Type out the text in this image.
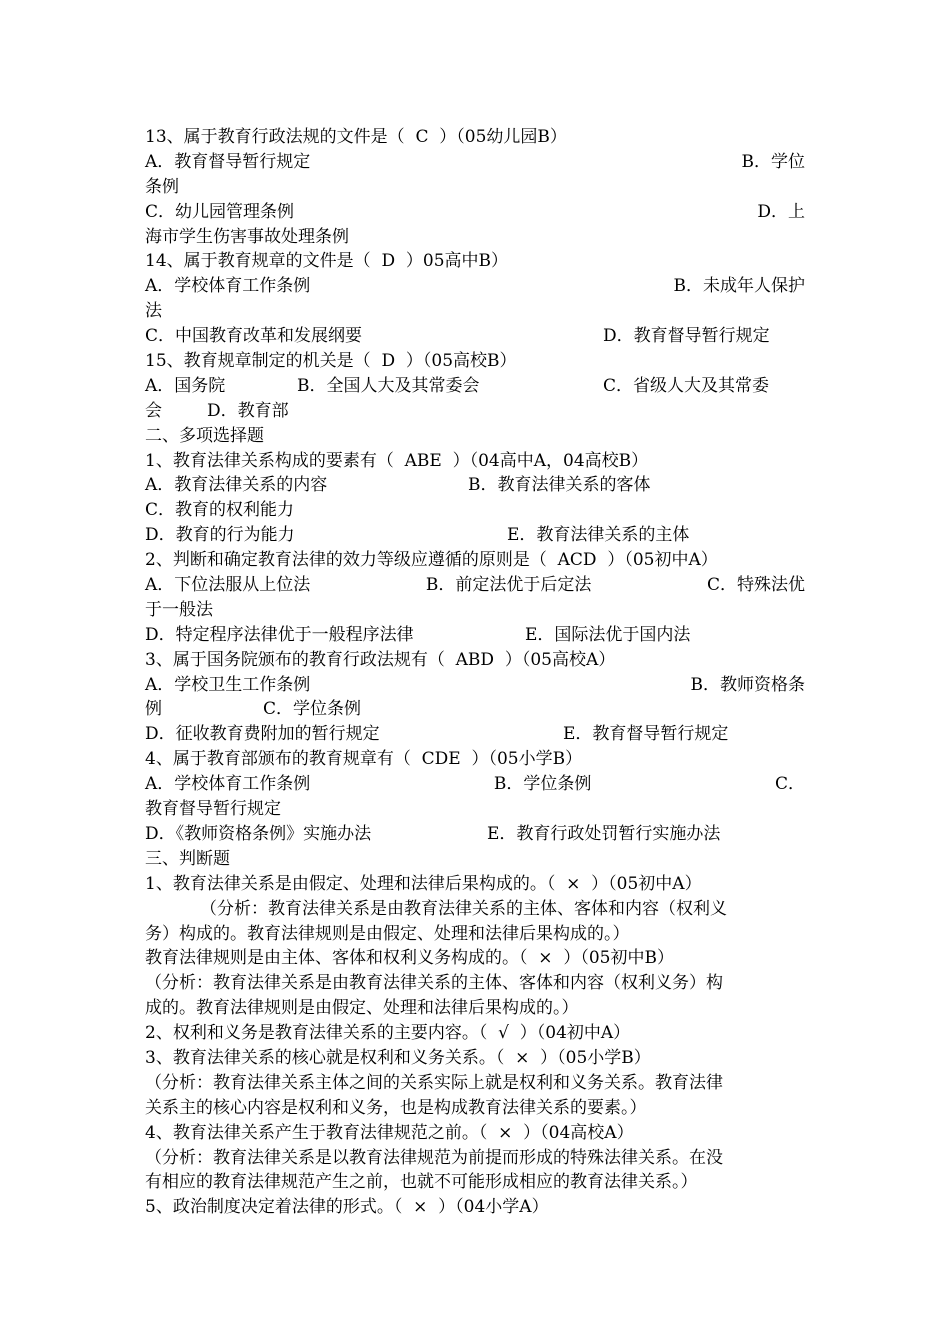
13、属于教育行政法规的文件是（  C  ）（05幼儿园B）
A．教育督导暂行规定	B．学位
条例
C．幼儿园管理条例	D．上
海市学生伤害事故处理条例
14、属于教育规章的文件是（  D  ）05高中B）
A．学校体育工作条例	B．未成年人保护
法
C．中国教育改革和发展纲要	D．教育督导暂行规定
15、教育规章制定的机关是（  D  ）（05高校B）
A．国务院	B．全国人大及其常委会	C．省级人大及其常委
会	D．教育部
二、多项选择题
1、教育法律关系构成的要素有（  ABE  ）（04高中A，04高校B）
A．教育法律关系的内容	B．教育法律关系的客体
C．教育的权利能力
D．教育的行为能力	E．教育法律关系的主体
2、判断和确定教育法律的效力等级应遵循的原则是（  ACD  ）（05初中A）
A．下位法服从上位法	B．前定法优于后定法	C．特殊法优
于一般法
D．特定程序法律优于一般程序法律	E．国际法优于国内法
3、属于国务院颁布的教育行政法规有（  ABD  ）（05高校A）
A．学校卫生工作条例	B．教师资格条
例	C．学位条例
D．征收教育费附加的暂行规定	E．教育督导暂行规定
4、属于教育部颁布的教育规章有（  CDE  ）（05小学B）
A．学校体育工作条例	B．学位条例	C．
教育督导暂行规定
D．《教师资格条例》实施办法	E．教育行政处罚暂行实施办法
三、判断题
1、教育法律关系是由假定、处理和法律后果构成的。（  ×  ）（05初中A）
（分析：教育法律关系是由教育法律关系的主体、客体和内容（权利义
务）构成的。教育法律规则是由假定、处理和法律后果构成的。）
教育法律规则是由主体、客体和权利义务构成的。（  ×  ）（05初中B）
（分析：教育法律关系是由教育法律关系的主体、客体和内容（权利义务）构
成的。教育法律规则是由假定、处理和法律后果构成的。）
2、权利和义务是教育法律关系的主要内容。（  √  ）（04初中A）
3、教育法律关系的核心就是权利和义务关系。（  ×  ）（05小学B）
（分析：教育法律关系主体之间的关系实际上就是权利和义务关系。教育法律
关系主的核心内容是权利和义务，也是构成教育法律关系的要素。）
4、教育法律关系产生于教育法律规范之前。（  ×  ）（04高校A）
（分析：教育法律关系是以教育法律规范为前提而形成的特殊法律关系。在没
有相应的教育法律规范产生之前，也就不可能形成相应的教育法律关系。）
5、政治制度决定着法律的形式。（  ×  ）（04小学A）
